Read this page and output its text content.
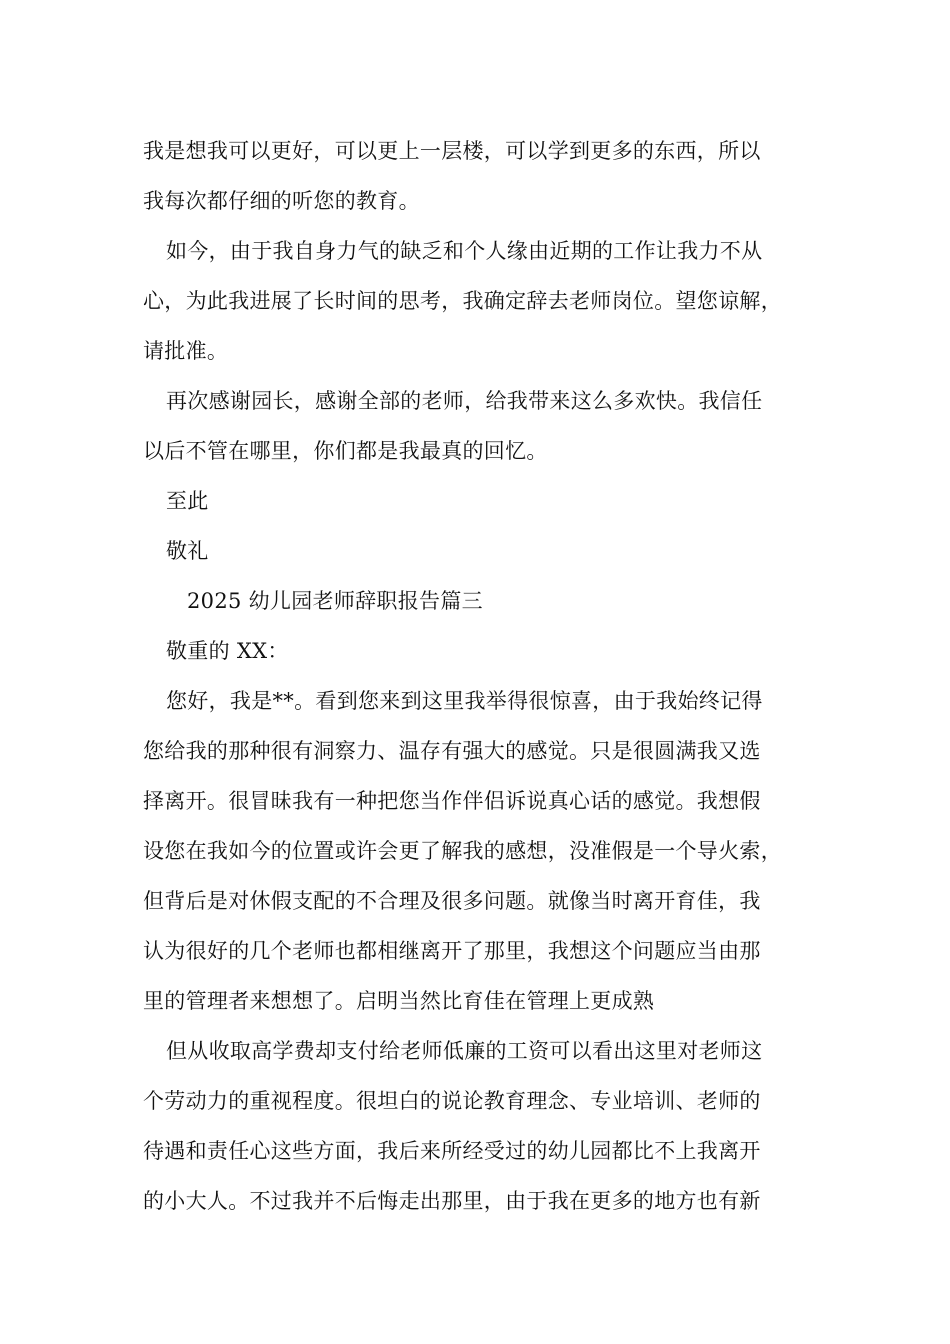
我是想我可以更好，可以更上一层楼，可以学到更多的东西，所以
我每次都仔细的听您的教育。
如今，由于我自身力气的缺乏和个人缘由近期的工作让我力不从
心，为此我进展了长时间的思考，我确定辞去老师岗位。望您谅解，
请批准。
再次感谢园长，感谢全部的老师，给我带来这么多欢快。我信任
以后不管在哪里，你们都是我最真的回忆。
至此
敬礼
2025 幼儿园老师辞职报告篇三
敬重的 XX：
您好，我是**。看到您来到这里我举得很惊喜，由于我始终记得
您给我的那种很有洞察力、温存有强大的感觉。只是很圆满我又选
择离开。很冒昧我有一种把您当作伴侣诉说真心话的感觉。我想假
设您在我如今的位置或许会更了解我的感想，没准假是一个导火索，
但背后是对休假支配的不合理及很多问题。就像当时离开育佳，我
认为很好的几个老师也都相继离开了那里，我想这个问题应当由那
里的管理者来想想了。启明当然比育佳在管理上更成熟
但从收取高学费却支付给老师低廉的工资可以看出这里对老师这
个劳动力的重视程度。很坦白的说论教育理念、专业培训、老师的
待遇和责任心这些方面，我后来所经受过的幼儿园都比不上我离开
的小大人。不过我并不后悔走出那里，由于我在更多的地方也有新
